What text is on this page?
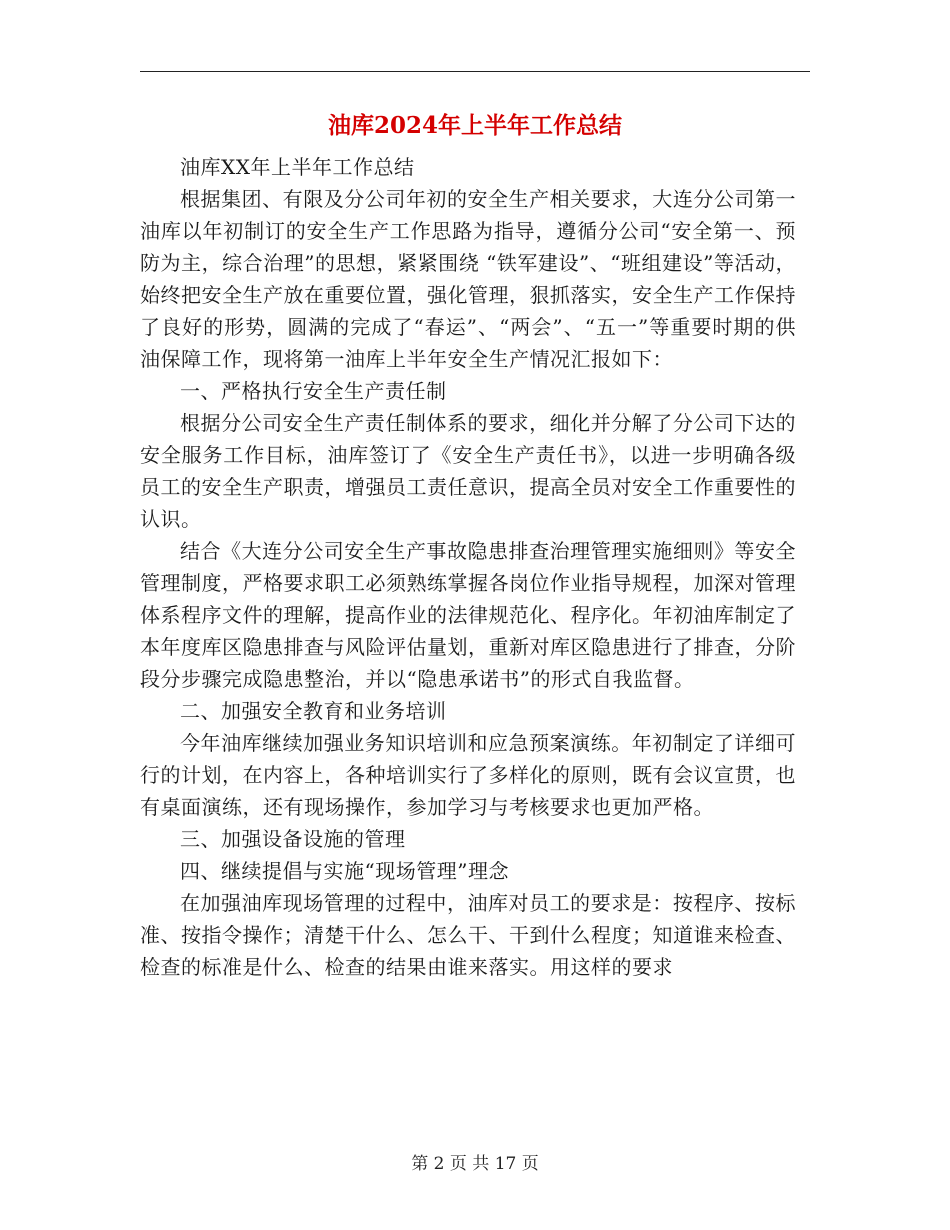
油库2024年上半年工作总结

油库XX年上半年工作总结

根据集团、有限及分公司年初的安全生产相关要求，大连分公司第一油库以年初制订的安全生产工作思路为指导，遵循分公司“安全第一、预防为主，综合治理”的思想，紧紧围绕 “铁军建设”、“班组建设”等活动，始终把安全生产放在重要位置，强化管理，狠抓落实，安全生产工作保持了良好的形势，圆满的完成了“春运”、“两会”、“五一”等重要时期的供油保障工作，现将第一油库上半年安全生产情况汇报如下：

一、严格执行安全生产责任制

根据分公司安全生产责任制体系的要求，细化并分解了分公司下达的安全服务工作目标，油库签订了《安全生产责任书》，以进一步明确各级员工的安全生产职责，增强员工责任意识，提高全员对安全工作重要性的认识。

结合《大连分公司安全生产事故隐患排查治理管理实施细则》等安全管理制度，严格要求职工必须熟练掌握各岗位作业指导规程，加深对管理体系程序文件的理解，提高作业的法律规范化、程序化。年初油库制定了本年度库区隐患排查与风险评估量划，重新对库区隐患进行了排查，分阶段分步骤完成隐患整治，并以“隐患承诺书”的形式自我监督。

二、加强安全教育和业务培训

今年油库继续加强业务知识培训和应急预案演练。年初制定了详细可行的计划，在内容上，各种培训实行了多样化的原则，既有会议宣贯，也有桌面演练，还有现场操作，参加学习与考核要求也更加严格。

三、加强设备设施的管理

四、继续提倡与实施“现场管理”理念

在加强油库现场管理的过程中，油库对员工的要求是：按程序、按标准、按指令操作；清楚干什么、怎么干、干到什么程度；知道谁来检查、检查的标准是什么、检查的结果由谁来落实。用这样的要求

第 2 页 共 17 页
